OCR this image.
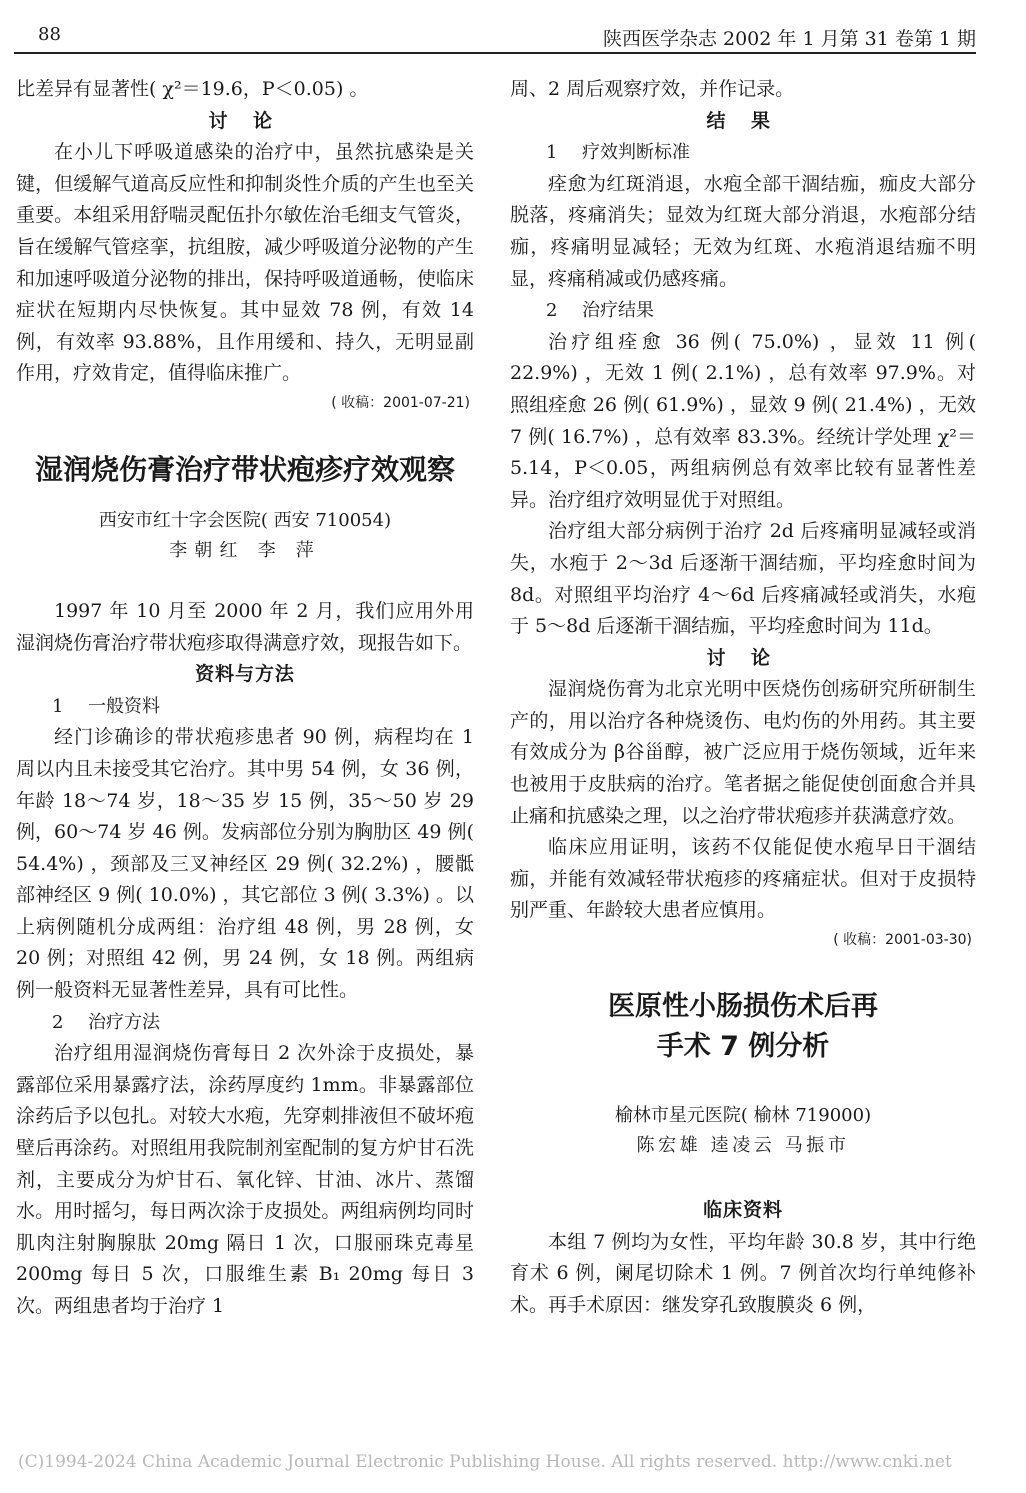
88	陕西医学杂志 2002 年 1 月第 31 卷第 1 期

比差异有显著性( χ²＝19.6，P＜0.05) 。

讨 论

在小儿下呼吸道感染的治疗中，虽然抗感染是关键，但缓解气道高反应性和抑制炎性介质的产生也至关重要。本组采用舒喘灵配伍扑尔敏佐治毛细支气管炎，旨在缓解气管痉挛，抗组胺，减少呼吸道分泌物的产生和加速呼吸道分泌物的排出，保持呼吸道通畅，使临床症状在短期内尽快恢复。其中显效 78 例，有效 14 例，有效率 93.88%，且作用缓和、持久，无明显副作用，疗效肯定，值得临床推广。

( 收稿：2001-07-21)

湿润烧伤膏治疗带状疱疹疗效观察

西安市红十字会医院( 西安 710054)

李朝红 李 萍

1997 年 10 月至 2000 年 2 月，我们应用外用湿润烧伤膏治疗带状疱疹取得满意疗效，现报告如下。

资料与方法

1 一般资料

经门诊确诊的带状疱疹患者 90 例，病程均在 1 周以内且未接受其它治疗。其中男 54 例，女 36 例，年龄 18～74 岁，18～35 岁 15 例，35～50 岁 29 例，60～74 岁 46 例。发病部位分别为胸肋区 49 例( 54.4%) ，颈部及三叉神经区 29 例( 32.2%) ，腰骶部神经区 9 例( 10.0%) ，其它部位 3 例( 3.3%) 。以上病例随机分成两组：治疗组 48 例，男 28 例，女 20 例；对照组 42 例，男 24 例，女 18 例。两组病例一般资料无显著性差异，具有可比性。

2 治疗方法

治疗组用湿润烧伤膏每日 2 次外涂于皮损处，暴露部位采用暴露疗法，涂药厚度约 1mm。非暴露部位涂药后予以包扎。对较大水疱，先穿刺排液但不破坏疱壁后再涂药。对照组用我院制剂室配制的复方炉甘石洗剂，主要成分为炉甘石、氧化锌、甘油、冰片、蒸馏水。用时摇匀，每日两次涂于皮损处。两组病例均同时肌肉注射胸腺肽 20mg 隔日 1 次，口服丽珠克毒星 200mg 每日 5 次，口服维生素 B₁ 20mg 每日 3 次。两组患者均于治疗 1

周、2 周后观察疗效，并作记录。

结 果

1 疗效判断标准

痊愈为红斑消退，水疱全部干涸结痂，痂皮大部分脱落，疼痛消失；显效为红斑大部分消退，水疱部分结痂，疼痛明显减轻；无效为红斑、水疱消退结痂不明显，疼痛稍减或仍感疼痛。

2 治疗结果

治疗组痊愈 36 例( 75.0%) ，显效 11 例( 22.9%) ，无效 1 例( 2.1%) ，总有效率 97.9%。对照组痊愈 26 例( 61.9%) ，显效 9 例( 21.4%) ，无效 7 例( 16.7%) ，总有效率 83.3%。经统计学处理 χ²＝5.14，P＜0.05，两组病例总有效率比较有显著性差异。治疗组疗效明显优于对照组。

治疗组大部分病例于治疗 2d 后疼痛明显减轻或消失，水疱于 2～3d 后逐渐干涸结痂，平均痊愈时间为 8d。对照组平均治疗 4～6d 后疼痛减轻或消失，水疱于 5～8d 后逐渐干涸结痂，平均痊愈时间为 11d。

讨 论

湿润烧伤膏为北京光明中医烧伤创疡研究所研制生产的，用以治疗各种烧烫伤、电灼伤的外用药。其主要有效成分为 β谷甾醇，被广泛应用于烧伤领域，近年来也被用于皮肤病的治疗。笔者据之能促使创面愈合并具止痛和抗感染之理，以之治疗带状疱疹并获满意疗效。

临床应用证明，该药不仅能促使水疱早日干涸结痂，并能有效减轻带状疱疹的疼痛症状。但对于皮损特别严重、年龄较大患者应慎用。

( 收稿：2001-03-30)

医原性小肠损伤术后再
手术 7 例分析

榆林市星元医院( 榆林 719000)

陈宏雄 逵凌云 马振市

临床资料

本组 7 例均为女性，平均年龄 30.8 岁，其中行绝育术 6 例，阑尾切除术 1 例。7 例首次均行单纯修补术。再手术原因：继发穿孔致腹膜炎 6 例，

(C)1994-2024 China Academic Journal Electronic Publishing House. All rights reserved. http://www.cnki.net
